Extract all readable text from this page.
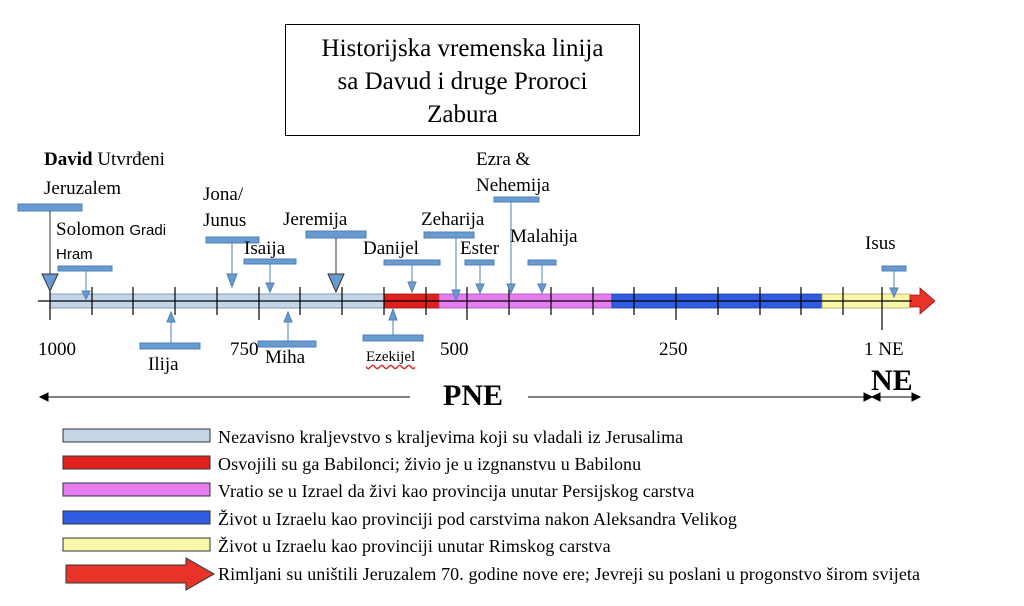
Historijska vremenska linija
sa Davud i druge Proroci
Zabura
David Utvrđeni
Jeruzalem
Solomon Gradi
Hram
Jona/
Junus
Isaija
Jeremija
Danijel
Zeharija
Ezra &
Nehemija
Ester
Malahija	Isus
Ilija	Miha	Ezekijel
1000	750	500	250	1 NE
PNE	NE
Nezavisno kraljevstvo s kraljevima koji su vladali iz Jerusalima
Osvojili su ga Babilonci; živio je u izgnanstvu u Babilonu
Vratio se u Izrael da živi kao provincija unutar Persijskog carstva
Život u Izraelu kao provinciji pod carstvima nakon Aleksandra Velikog
Život u Izraelu kao provinciji unutar Rimskog carstva
Rimljani su uništili Jeruzalem 70. godine nove ere; Jevreji su poslani u progonstvo širom svijeta
